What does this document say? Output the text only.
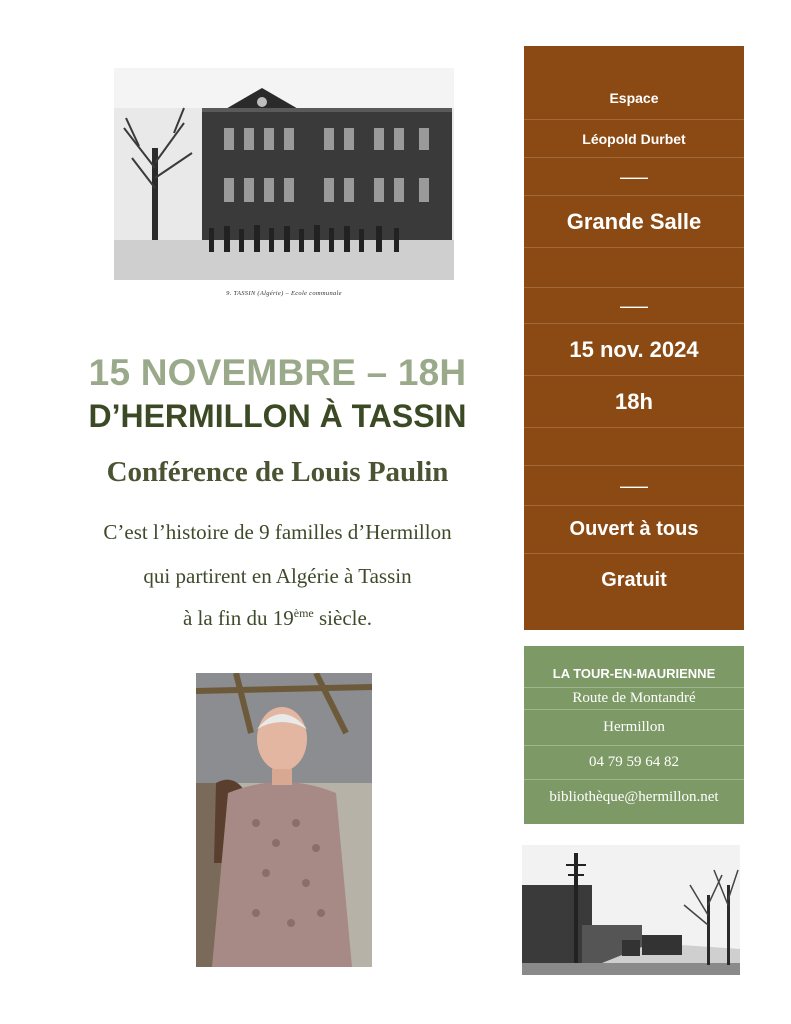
9. TASSIN (Algérie) – Ecole communale
15 NOVEMBRE – 18H
D’HERMILLON À TASSIN
Conférence de Louis Paulin
C’est l’histoire de 9 familles d’Hermillon
qui partirent en Algérie à Tassin
à la fin du 19ème siècle.
Espace
Léopold Durbet
——
Grande Salle
——
15 nov. 2024
18h
——
Ouvert à tous
Gratuit
LA TOUR-EN-MAURIENNE
Route de Montandré
Hermillon
04 79 59 64 82
bibliothèque@hermillon.net
